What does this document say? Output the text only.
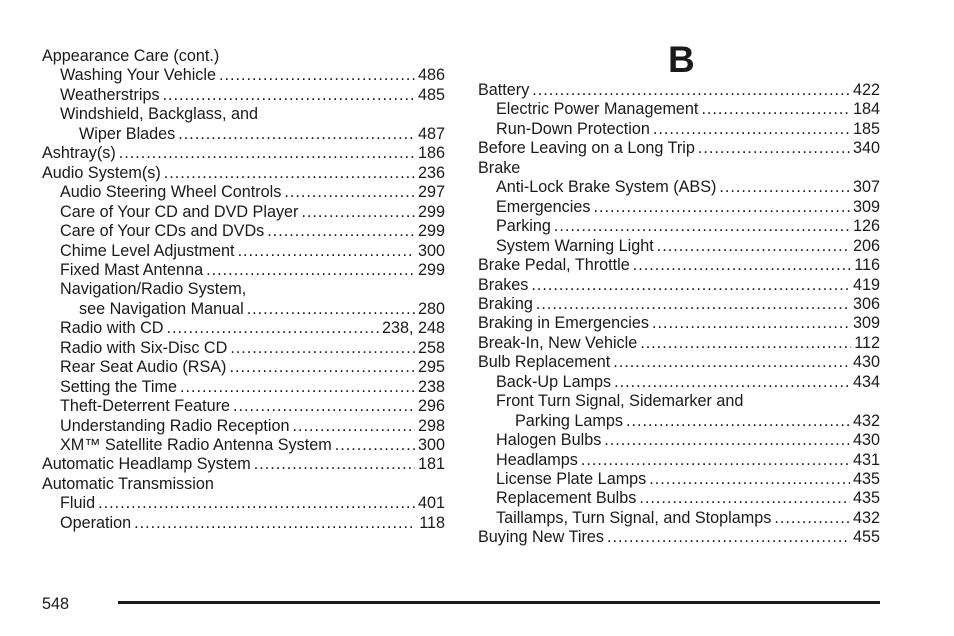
Appearance Care (cont.)
Washing Your Vehicle .....	486
Weatherstrips .....	485
Windshield, Backglass, and
Wiper Blades .....	487
Ashtray(s) .....	186
Audio System(s) .....	236
Audio Steering Wheel Controls .....	297
Care of Your CD and DVD Player .....	299
Care of Your CDs and DVDs .....	299
Chime Level Adjustment .....	300
Fixed Mast Antenna .....	299
Navigation/Radio System,
see Navigation Manual .....	280
Radio with CD .....	238, 248
Radio with Six-Disc CD .....	258
Rear Seat Audio (RSA) .....	295
Setting the Time .....	238
Theft-Deterrent Feature .....	296
Understanding Radio Reception .....	298
XM™ Satellite Radio Antenna System .....	300
Automatic Headlamp System .....	181
Automatic Transmission
Fluid .....	401
Operation .....	118
B
Battery .....	422
Electric Power Management .....	184
Run-Down Protection .....	185
Before Leaving on a Long Trip .....	340
Brake
Anti-Lock Brake System (ABS) .....	307
Emergencies .....	309
Parking .....	126
System Warning Light .....	206
Brake Pedal, Throttle .....	116
Brakes .....	419
Braking .....	306
Braking in Emergencies .....	309
Break-In, New Vehicle .....	112
Bulb Replacement .....	430
Back-Up Lamps .....	434
Front Turn Signal, Sidemarker and
Parking Lamps .....	432
Halogen Bulbs .....	430
Headlamps .....	431
License Plate Lamps .....	435
Replacement Bulbs .....	435
Taillamps, Turn Signal, and Stoplamps .....	432
Buying New Tires .....	455
548
